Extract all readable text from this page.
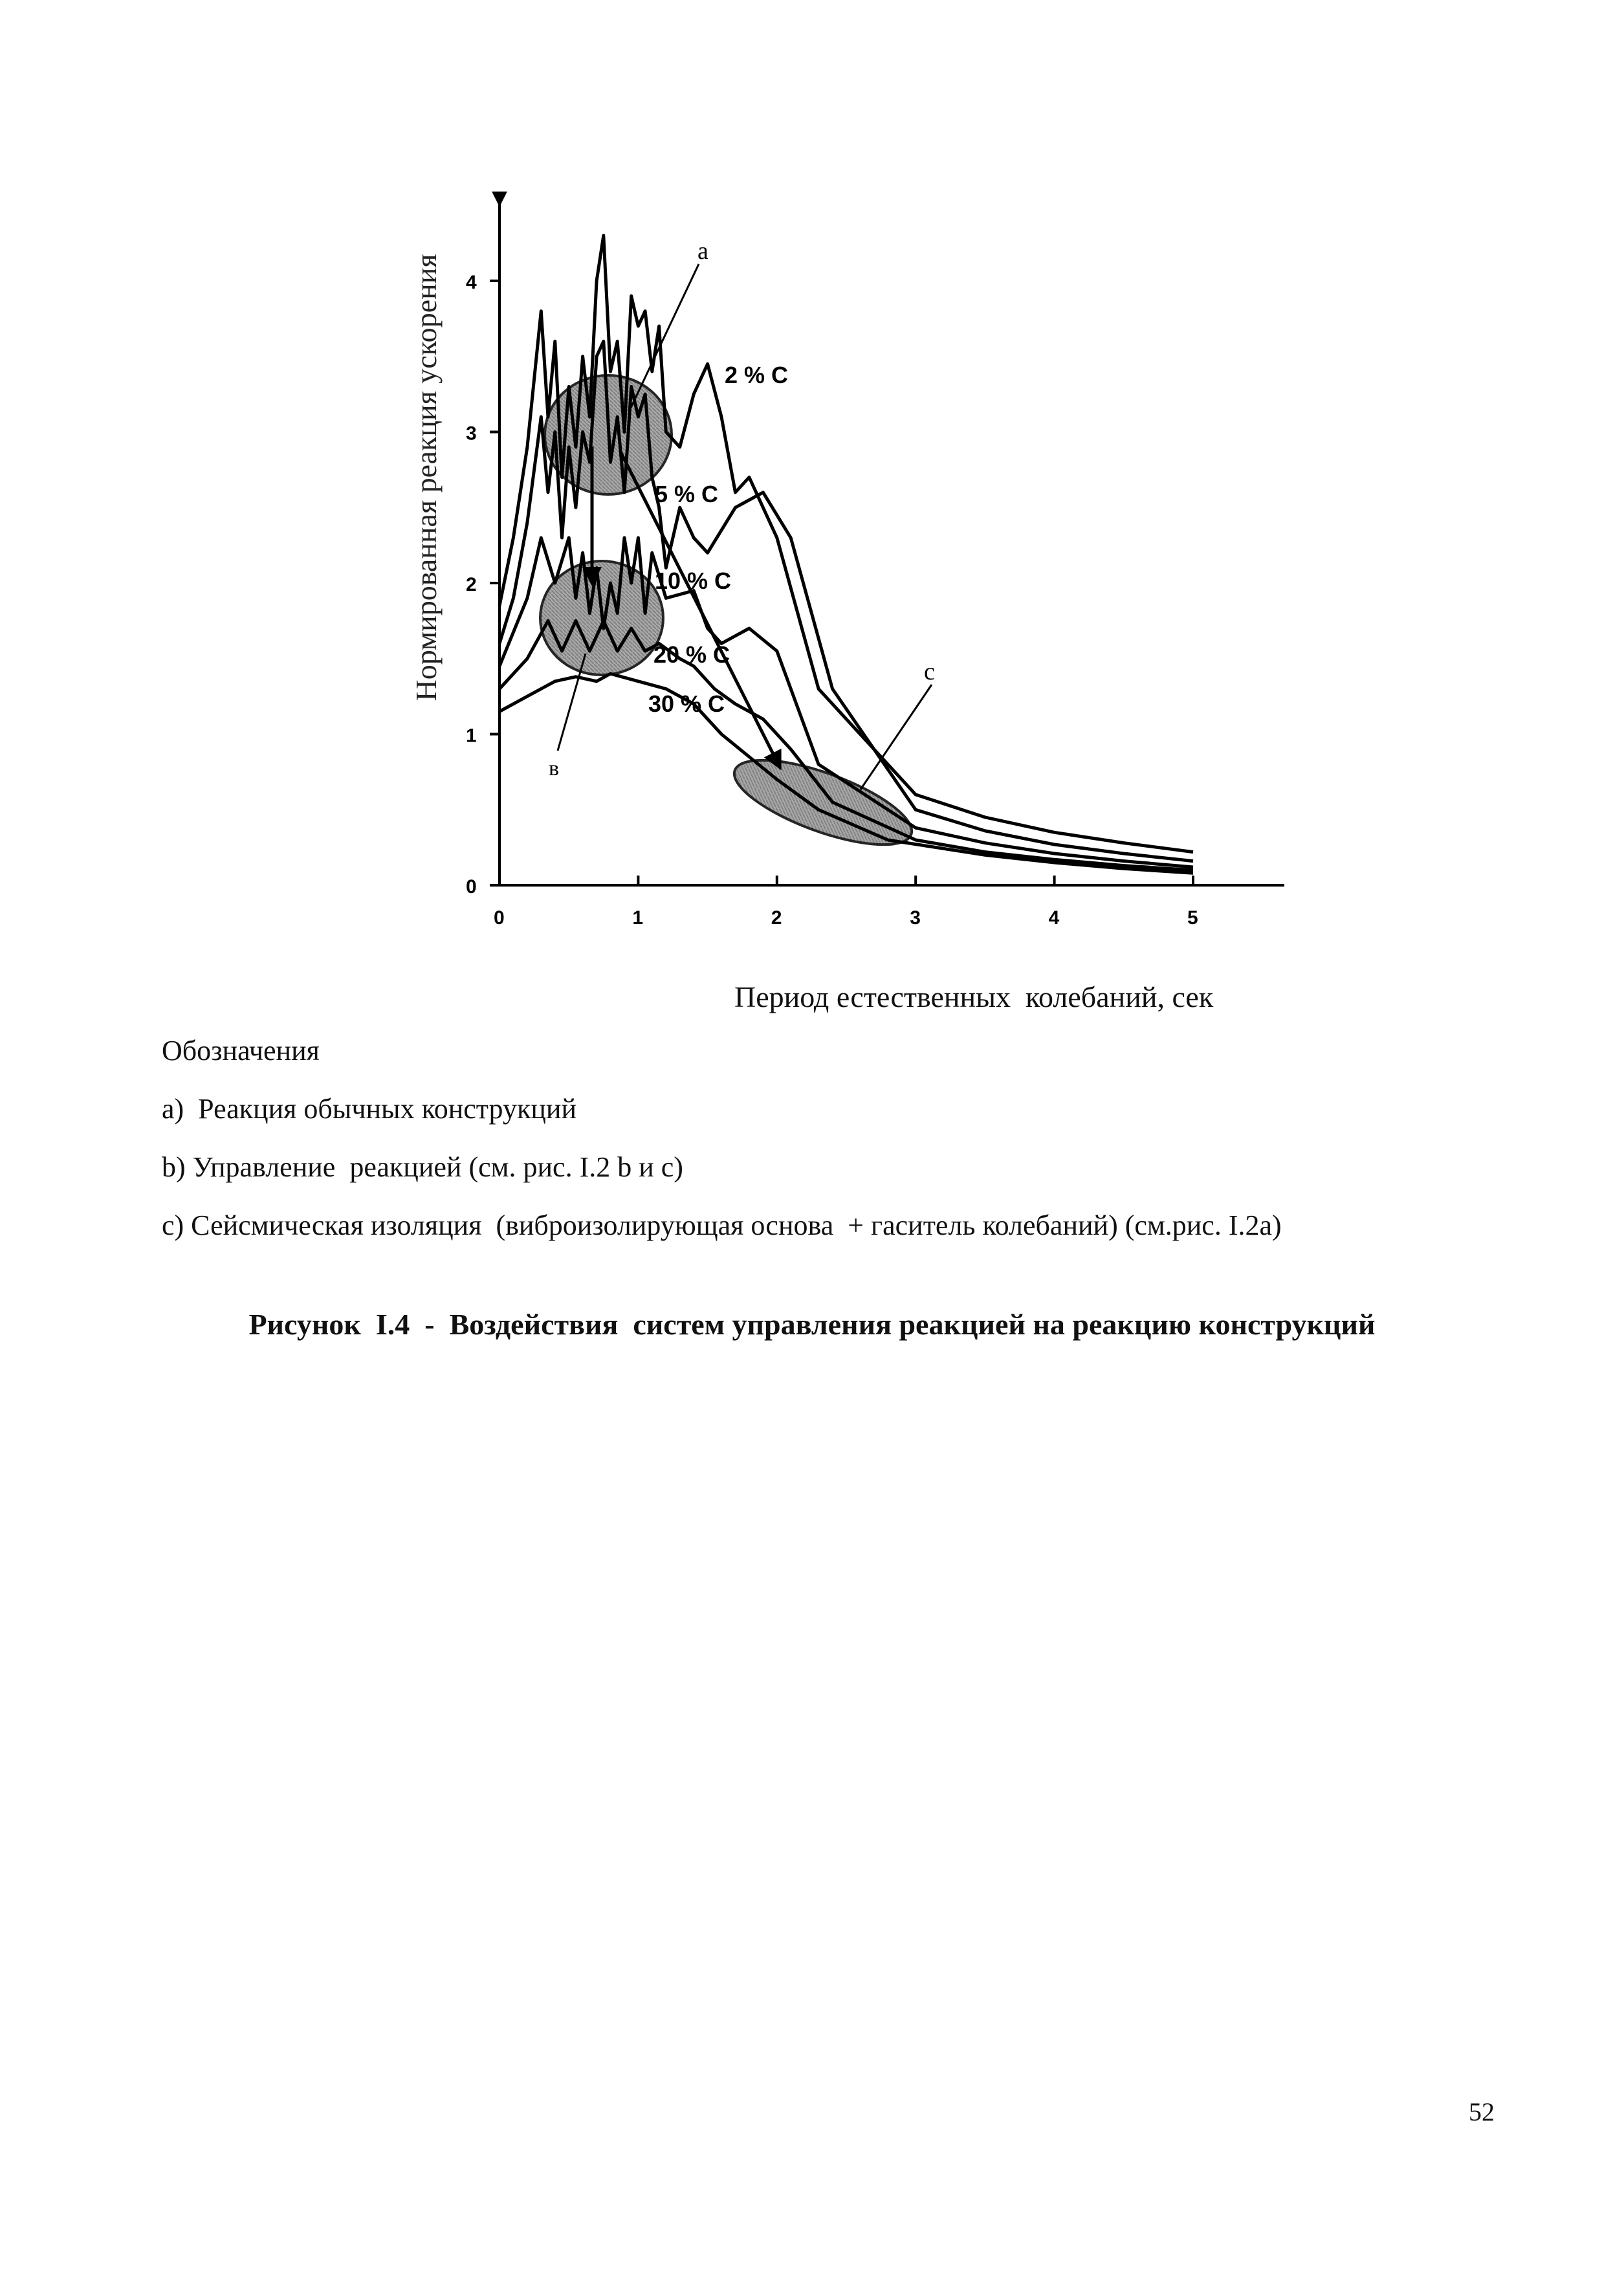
0
1
2
3
4
0	1	2	3	4	5
a
в
c
2 % C
5 % C
10 % C
20 % C
30 % C
Нормированная реакция ускорения
Период естественных  колебаний, сек
Обозначения
a)  Реакция обычных конструкций
b) Управление  реакцией (см. рис. I.2 b и c)
c) Сейсмическая изоляция  (виброизолирующая основа  + гаситель колебаний) (см.рис. I.2a)
Рисунок  I.4  -  Воздействия  систем управления реакцией на реакцию конструкций
52
